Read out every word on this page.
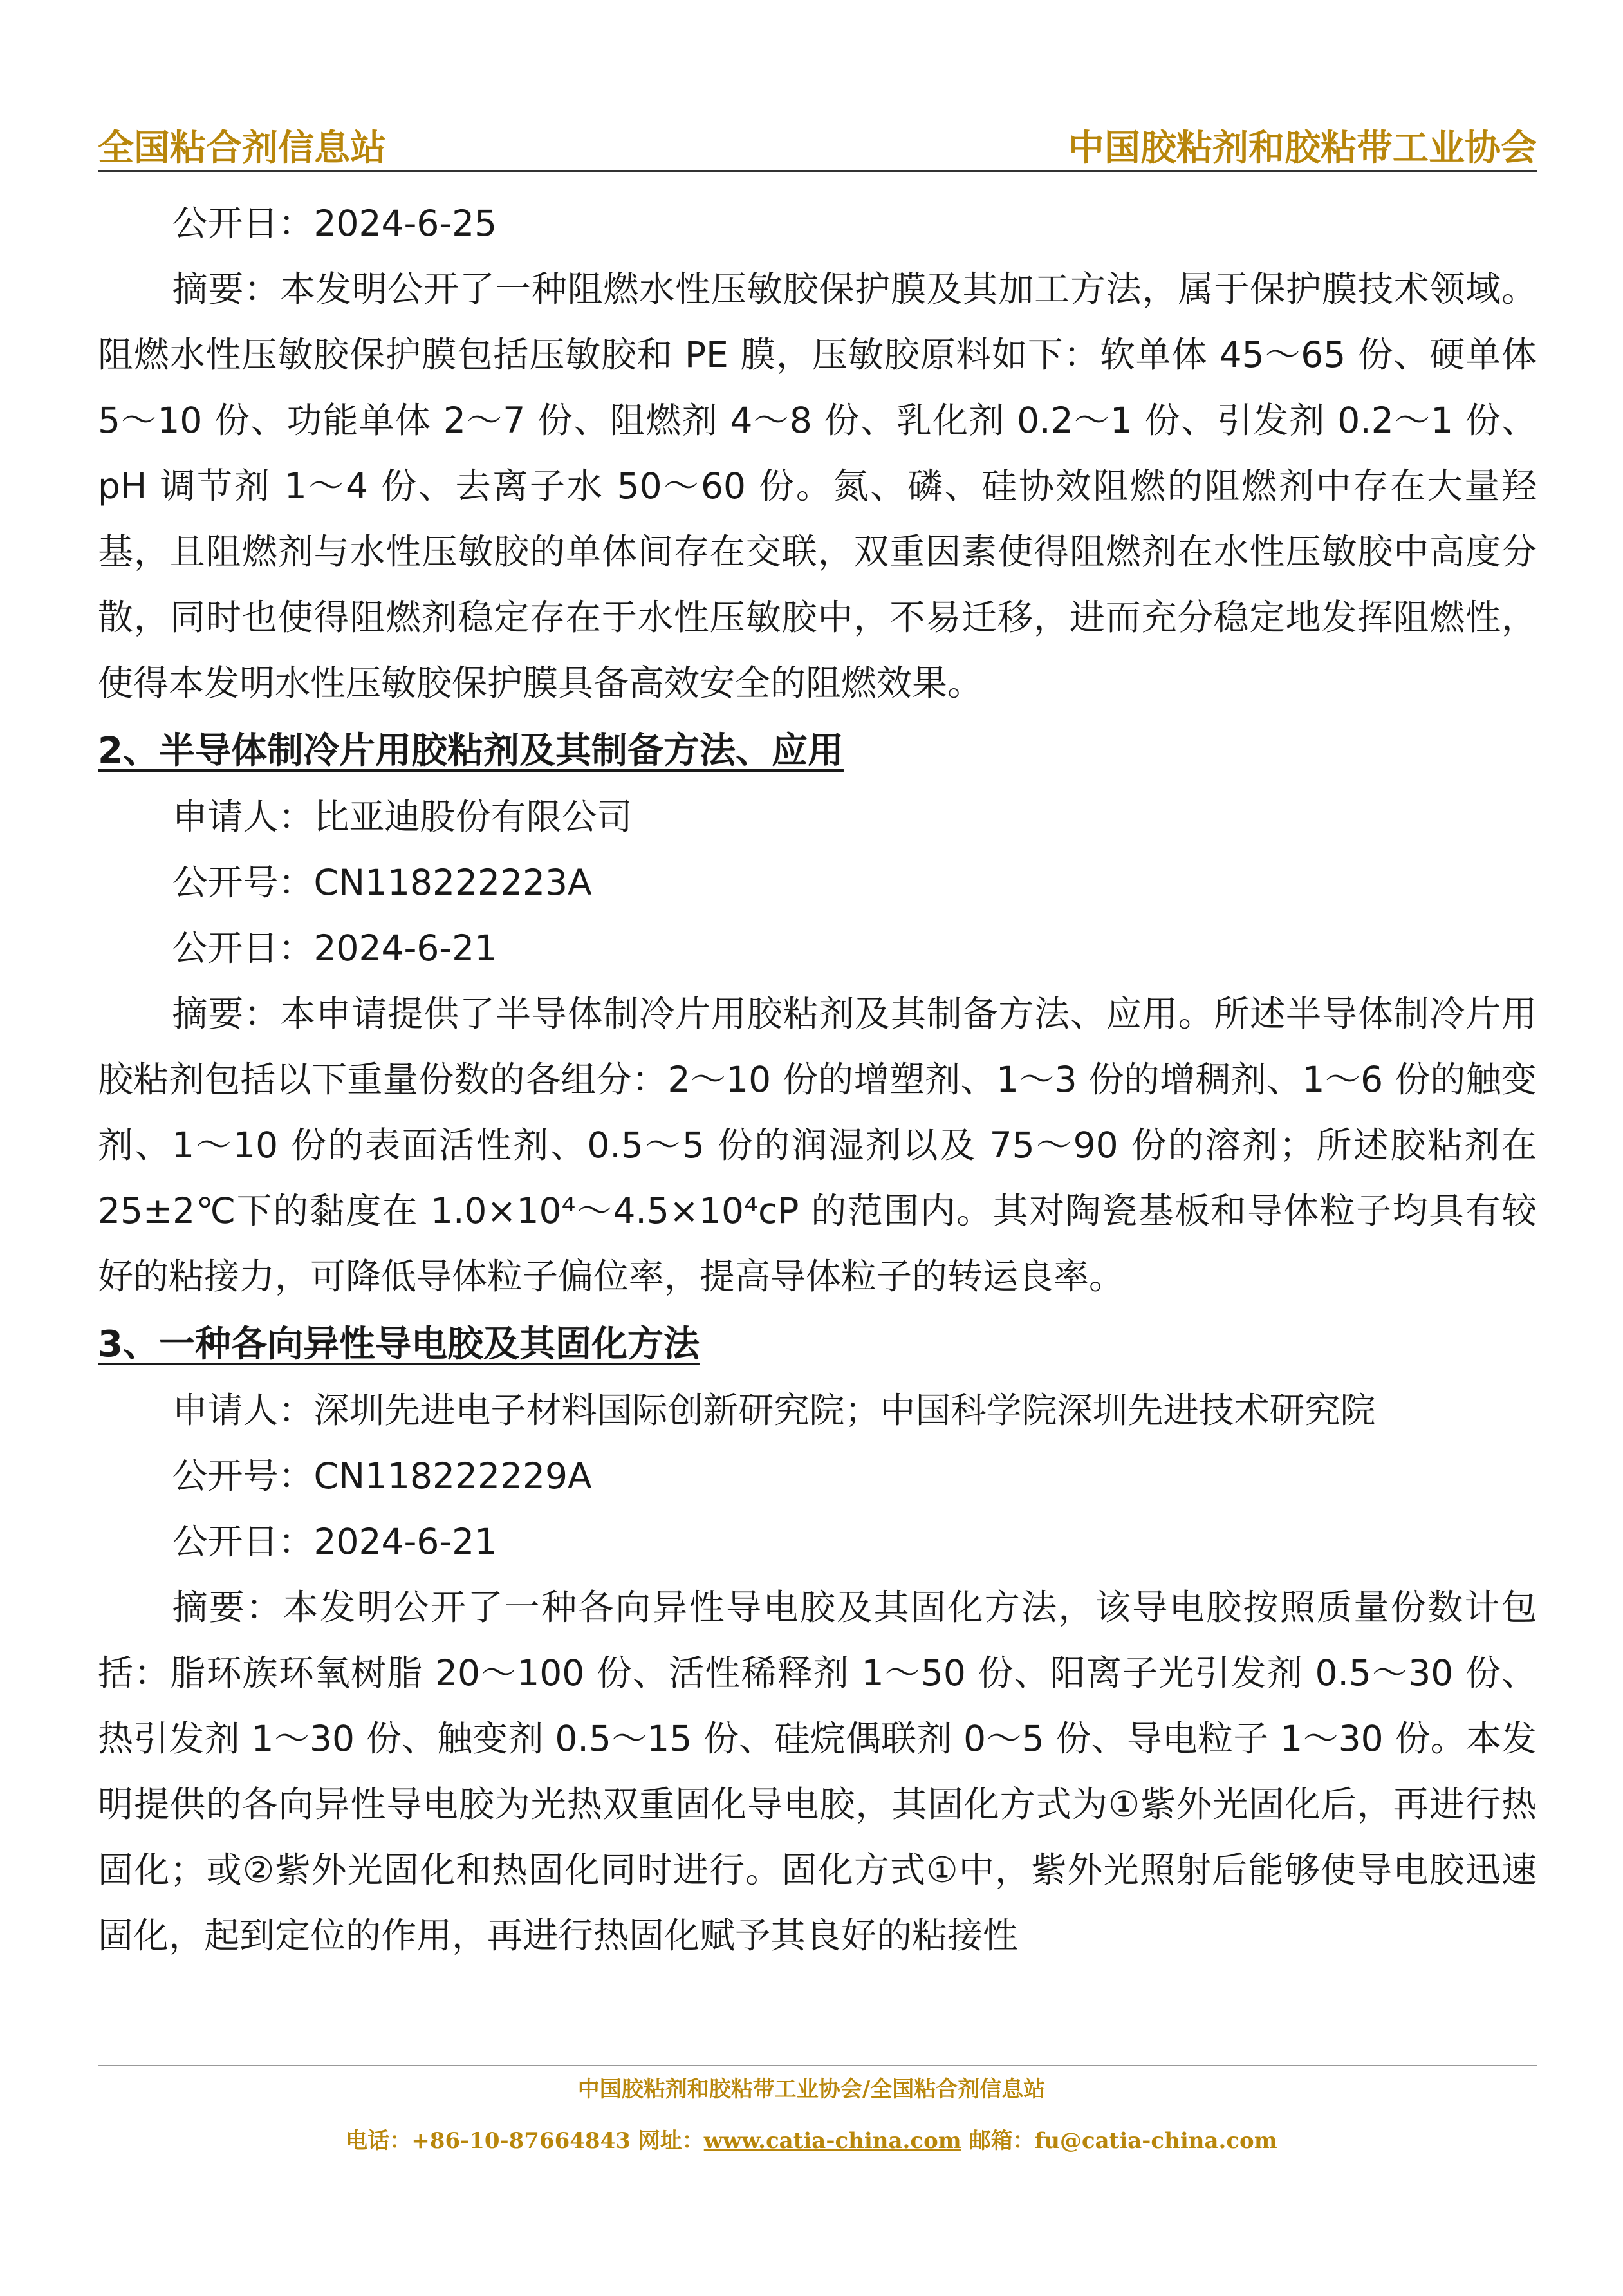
全国粘合剂信息站	中国胶粘剂和胶粘带工业协会

公开日：2024-6-25

摘要：本发明公开了一种阻燃水性压敏胶保护膜及其加工方法，属于保护膜技术领域。阻燃水性压敏胶保护膜包括压敏胶和 PE 膜，压敏胶原料如下：软单体 45～65 份、硬单体 5～10 份、功能单体 2～7 份、阻燃剂 4～8 份、乳化剂 0.2～1 份、引发剂 0.2～1 份、pH 调节剂 1～4 份、去离子水 50～60 份。氮、磷、硅协效阻燃的阻燃剂中存在大量羟基，且阻燃剂与水性压敏胶的单体间存在交联，双重因素使得阻燃剂在水性压敏胶中高度分散，同时也使得阻燃剂稳定存在于水性压敏胶中，不易迁移，进而充分稳定地发挥阻燃性，使得本发明水性压敏胶保护膜具备高效安全的阻燃效果。

2、半导体制冷片用胶粘剂及其制备方法、应用

申请人：比亚迪股份有限公司

公开号：CN118222223A

公开日：2024-6-21

摘要：本申请提供了半导体制冷片用胶粘剂及其制备方法、应用。所述半导体制冷片用胶粘剂包括以下重量份数的各组分：2～10 份的增塑剂、1～3 份的增稠剂、1～6 份的触变剂、1～10 份的表面活性剂、0.5～5 份的润湿剂以及 75～90 份的溶剂；所述胶粘剂在 25±2℃下的黏度在 1.0×10⁴～4.5×10⁴cP 的范围内。其对陶瓷基板和导体粒子均具有较好的粘接力，可降低导体粒子偏位率，提高导体粒子的转运良率。

3、一种各向异性导电胶及其固化方法

申请人：深圳先进电子材料国际创新研究院；中国科学院深圳先进技术研究院

公开号：CN118222229A

公开日：2024-6-21

摘要：本发明公开了一种各向异性导电胶及其固化方法，该导电胶按照质量份数计包括：脂环族环氧树脂 20～100 份、活性稀释剂 1～50 份、阳离子光引发剂 0.5～30 份、热引发剂 1～30 份、触变剂 0.5～15 份、硅烷偶联剂 0～5 份、导电粒子 1～30 份。本发明提供的各向异性导电胶为光热双重固化导电胶，其固化方式为①紫外光固化后，再进行热固化；或②紫外光固化和热固化同时进行。固化方式①中，紫外光照射后能够使导电胶迅速固化，起到定位的作用，再进行热固化赋予其良好的粘接性

中国胶粘剂和胶粘带工业协会/全国粘合剂信息站
电话：+86-10-87664843 网址：www.catia-china.com 邮箱：fu@catia-china.com
